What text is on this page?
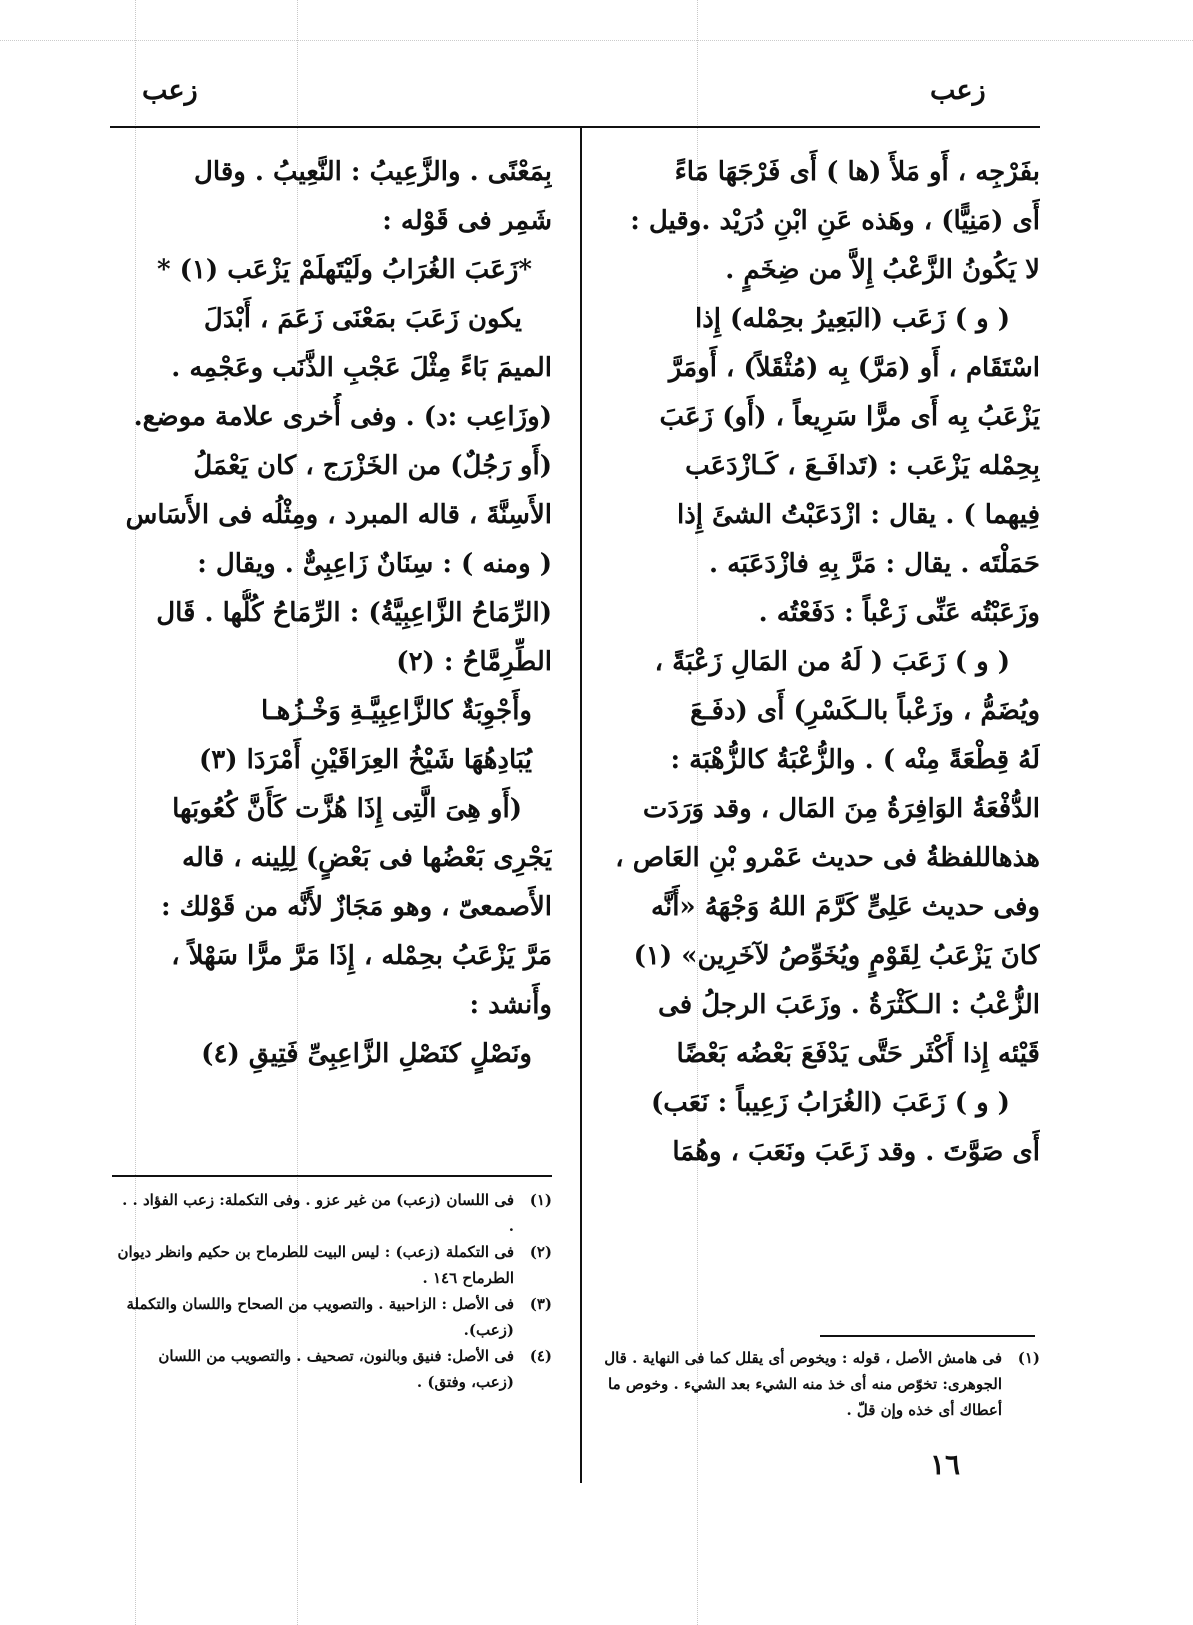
زعب
زعب
بفَرْجِه ، أَو مَلأَ (ها ) أَى فَرْجَهَا مَاءً
أَى (مَنِيًّا) ، وهَذه عَنِ ابْنِ دُرَيْد .وقيل :
لا يَكُونُ الزَّعْبُ إِلاَّ من ضِخَمٍ .
( و ) زَعَب (البَعِيرُ بحِمْله) إِذا
اسْتَقَام ، أَو (مَرَّ) بِه (مُثْقَلاً) ، أَومَرَّ
يَزْعَبُ بِه أَى مرًّا سَرِيعاً ، (أَو) زَعَبَ
بِحِمْله يَزْعَب : (تَدافَـعَ ، كَـازْدَعَب
فِيهما ) . يقال : ازْدَعَبْتُ الشئَ إِذا
حَمَلْتَه . يقال : مَرَّ بِهِ فازْدَعَبَه .
وزَعَبْتُه عَنِّى زَعْباً : دَفَعْتُه .
( و ) زَعَبَ ( لَهُ من المَالِ زَعْبَةً ،
ويُضَمُّ ، وزَعْباً بالـكَسْرِ) أَى (دفَـعَ
لَهُ قِطْعَةً مِنْه ) . والزُّعْبَةُ كالزُّهْبَة :
الدُّفْعَةُ الوَافِرَةُ مِنَ المَال ، وقد وَرَدَت
هذهاللفظةُ فى حديث عَمْرو بْنِ العَاص ،
وفى حديث عَلِىٍّ كَرَّمَ اللهُ وَجْهَهُ «أَنَّه
كانَ يَزْعَبُ لِقَوْمٍ ويُخَوِّصُ لآخَرِين» (١)
الزُّعْبُ : الـكَثْرَةُ . وزَعَبَ الرجلُ فى
قَيْئه إِذا أَكْثَر حَتَّى يَدْفَعَ بَعْضُه بَعْضًا
( و ) زَعَبَ (الغُرَابُ زَعِيباً : نَعَب)
أَى صَوَّتَ . وقد زَعَبَ ونَعَبَ ، وهُمَا
(١)
فى هامش الأصل ، قوله : ويخوص أى يقلل كما فى النهاية . قال الجوهرى: تخوّص منه أى خذ منه الشيء بعد الشيء . وخوص ما أعطاك أى خذه وإن قلّ .
بِمَعْنًى . والزَّعِيبُ : النَّعِيبُ . وقال
شَمِر فى قَوْله :
*زَعَبَ الغُرَابُ ولَيْتَهلَمْ يَزْعَب (١) *
يكون زَعَبَ بمَعْنَى زَعَمَ ، أَبْدَلَ
الميمَ بَاءً مِثْلَ عَجْبِ الذَّنَب وعَجْمِه .
(وزَاعِب :د) . وفى أُخرى علامة موضع.
(أَو رَجُلٌ) من الخَزْرَج ، كان يَعْمَلُ
الأَسِنَّةَ ، قاله المبرد ، ومِثْلُه فى الأَسَاس
( ومنه ) : سِنَانٌ زَاعِبِىٌّ . ويقال :
(الرِّمَاحُ الزَّاعِبِيَّةُ) : الرِّمَاحُ كُلُّها . قَال
الطِّرِمَّاحُ : (٢)
وأَجْوِبَةٌ كالزَّاعِبِيَّـةِ وَخْـزُهـا
يُبَادِهُهَا شَيْخُ العِرَاقَيْنِ أَمْرَدَا (٣)
(أَو هِىَ الَّتِى إِذَا هُزَّت كَأَنَّ كُعُوبَها
يَجْرِى بَعْضُها فى بَعْضٍ) لِلِينه ، قاله
الأَصمعىّ ، وهو مَجَازٌ لأَنَّه من قَوْلك :
مَرَّ يَزْعَبُ بحِمْله ، إِذَا مَرَّ مرًّا سَهْلاً ،
وأَنشد :
ونَصْلٍ كنَصْلِ الزَّاعِبِىِّ فَتِيقِ (٤)
(١)
فى اللسان (زعب) من غير عزو . وفى التكملة: زعب الفؤاد . . .
(٢)
فى التكملة (زعب) : ليس البيت للطرماح بن حكيم وانظر ديوان الطرماح ١٤٦ .
(٣)
فى الأصل : الزاحبية . والتصويب من الصحاح واللسان والتكملة (زعب).
(٤)
فى الأصل: فنيق وبالنون، تصحيف . والتصويب من اللسان (زعب، وفتق) .
١٦
